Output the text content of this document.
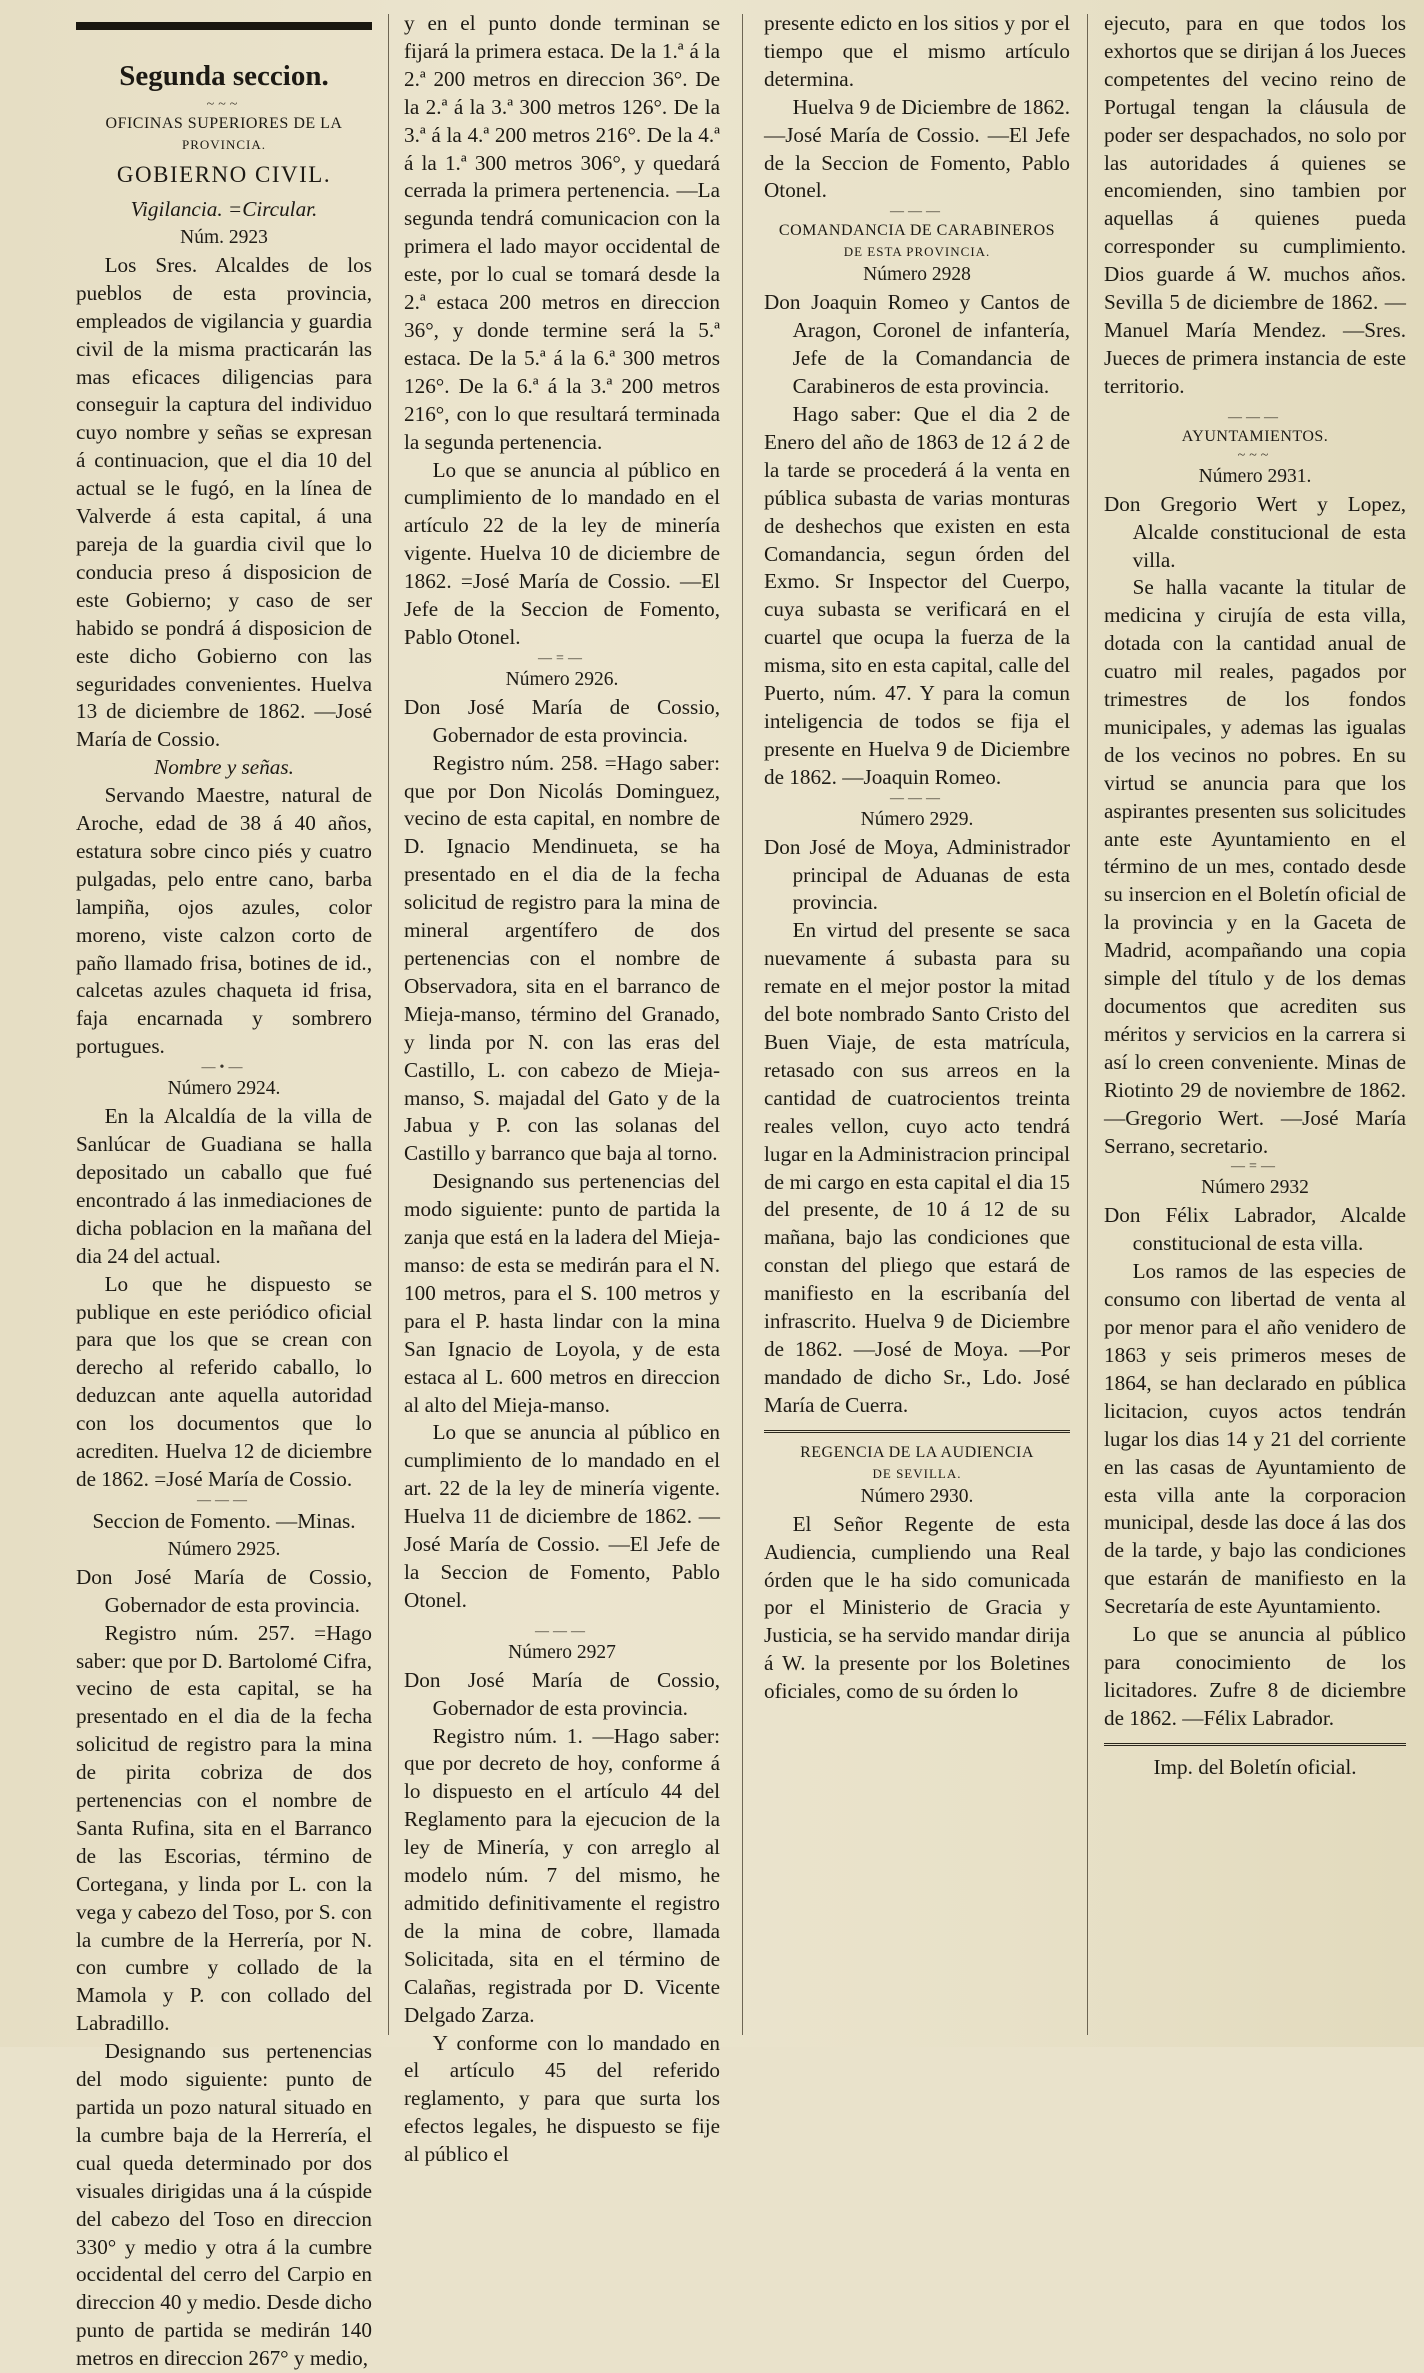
Segunda seccion.

~~~

OFICINAS SUPERIORES DE LA

PROVINCIA.

GOBIERNO CIVIL.

Vigilancia. =Circular.

Núm. 2923

Los Sres. Alcaldes de los pueblos de esta provincia, empleados de vigilancia y guardia civil de la misma practicarán las mas eficaces diligencias para conseguir la captura del individuo cuyo nombre y señas se expresan á continuacion, que el dia 10 del actual se le fugó, en la línea de Valverde á esta capital, á una pareja de la guardia civil que lo conducia preso á disposicion de este Gobierno; y caso de ser habido se pondrá á disposicion de este dicho Gobierno con las seguridades convenientes. Huelva 13 de diciembre de 1862. —José María de Cossio.

Nombre y señas.

Servando Maestre, natural de Aroche, edad de 38 á 40 años, estatura sobre cinco piés y cuatro pulgadas, pelo entre cano, barba lampiña, ojos azules, color moreno, viste calzon corto de paño llamado frisa, botines de id., calcetas azules chaqueta id frisa, faja encarnada y sombrero portugues.

—•—

Número 2924.

En la Alcaldía de la villa de Sanlúcar de Guadiana se halla depositado un caballo que fué encontrado á las inmediaciones de dicha poblacion en la mañana del dia 24 del actual.

Lo que he dispuesto se publique en este periódico oficial para que los que se crean con derecho al referido caballo, lo deduzcan ante aquella autoridad con los documentos que lo acrediten. Huelva 12 de diciembre de 1862. =José María de Cossio.

———

Seccion de Fomento. —Minas.

Número 2925.

Don José María de Cossio, Gobernador de esta provincia.

Registro núm. 257. =Hago saber: que por D. Bartolomé Cifra, vecino de esta capital, se ha presentado en el dia de la fecha solicitud de registro para la mina de pirita cobriza de dos pertenencias con el nombre de Santa Rufina, sita en el Barranco de las Escorias, término de Cortegana, y linda por L. con la vega y cabezo del Toso, por S. con la cumbre de la Herrería, por N. con cumbre y collado de la Mamola y P. con collado del Labradillo.

Designando sus pertenencias del modo siguiente: punto de partida un pozo natural situado en la cumbre baja de la Herrería, el cual queda determinado por dos visuales dirigidas una á la cúspide del cabezo del Toso en direccion 330° y medio y otra á la cumbre occidental del cerro del Carpio en direccion 40 y medio. Desde dicho punto de partida se medirán 140 metros en direccion 267° y medio,

y en el punto donde terminan se fijará la primera estaca. De la 1.ª á la 2.ª 200 metros en direccion 36°. De la 2.ª á la 3.ª 300 metros 126°. De la 3.ª á la 4.ª 200 metros 216°. De la 4.ª á la 1.ª 300 metros 306°, y quedará cerrada la primera pertenencia. —La segunda tendrá comunicacion con la primera el lado mayor occidental de este, por lo cual se tomará desde la 2.ª estaca 200 metros en direccion 36°, y donde termine será la 5.ª estaca. De la 5.ª á la 6.ª 300 metros 126°. De la 6.ª á la 3.ª 200 metros 216°, con lo que resultará terminada la segunda pertenencia.

Lo que se anuncia al público en cumplimiento de lo mandado en el artículo 22 de la ley de minería vigente. Huelva 10 de diciembre de 1862. =José María de Cossio. —El Jefe de la Seccion de Fomento, Pablo Otonel.

—=—

Número 2926.

Don José María de Cossio, Gobernador de esta provincia.

Registro núm. 258. =Hago saber: que por Don Nicolás Dominguez, vecino de esta capital, en nombre de D. Ignacio Mendinueta, se ha presentado en el dia de la fecha solicitud de registro para la mina de mineral argentífero de dos pertenencias con el nombre de Observadora, sita en el barranco de Mieja-manso, término del Granado, y linda por N. con las eras del Castillo, L. con cabezo de Mieja-manso, S. majadal del Gato y de la Jabua y P. con las solanas del Castillo y barranco que baja al torno.

Designando sus pertenencias del modo siguiente: punto de partida la zanja que está en la ladera del Mieja-manso: de esta se medirán para el N. 100 metros, para el S. 100 metros y para el P. hasta lindar con la mina San Ignacio de Loyola, y de esta estaca al L. 600 metros en direccion al alto del Mieja-manso.

Lo que se anuncia al público en cumplimiento de lo mandado en el art. 22 de la ley de minería vigente. Huelva 11 de diciembre de 1862. —José María de Cossio. —El Jefe de la Seccion de Fomento, Pablo Otonel.

———

Número 2927

Don José María de Cossio, Gobernador de esta provincia.

Registro núm. 1. —Hago saber: que por decreto de hoy, conforme á lo dispuesto en el artículo 44 del Reglamento para la ejecucion de la ley de Minería, y con arreglo al modelo núm. 7 del mismo, he admitido definitivamente el registro de la mina de cobre, llamada Solicitada, sita en el término de Calañas, registrada por D. Vicente Delgado Zarza.

Y conforme con lo mandado en el artículo 45 del referido reglamento, y para que surta los efectos legales, he dispuesto se fije al público el

presente edicto en los sitios y por el tiempo que el mismo artículo determina.

Huelva 9 de Diciembre de 1862. —José María de Cossio. —El Jefe de la Seccion de Fomento, Pablo Otonel.

———

COMANDANCIA DE CARABINEROS

DE ESTA PROVINCIA.

Número 2928

Don Joaquin Romeo y Cantos de Aragon, Coronel de infantería, Jefe de la Comandancia de Carabineros de esta provincia.

Hago saber: Que el dia 2 de Enero del año de 1863 de 12 á 2 de la tarde se procederá á la venta en pública subasta de varias monturas de deshechos que existen en esta Comandancia, segun órden del Exmo. Sr Inspector del Cuerpo, cuya subasta se verificará en el cuartel que ocupa la fuerza de la misma, sito en esta capital, calle del Puerto, núm. 47. Y para la comun inteligencia de todos se fija el presente en Huelva 9 de Diciembre de 1862. —Joaquin Romeo.

———

Número 2929.

Don José de Moya, Administrador principal de Aduanas de esta provincia.

En virtud del presente se saca nuevamente á subasta para su remate en el mejor postor la mitad del bote nombrado Santo Cristo del Buen Viaje, de esta matrícula, retasado con sus arreos en la cantidad de cuatrocientos treinta reales vellon, cuyo acto tendrá lugar en la Administracion principal de mi cargo en esta capital el dia 15 del presente, de 10 á 12 de su mañana, bajo las condiciones que constan del pliego que estará de manifiesto en la escribanía del infrascrito. Huelva 9 de Diciembre de 1862. —José de Moya. —Por mandado de dicho Sr., Ldo. José María de Cuerra.

REGENCIA DE LA AUDIENCIA

DE SEVILLA.

Número 2930.

El Señor Regente de esta Audiencia, cumpliendo una Real órden que le ha sido comunicada por el Ministerio de Gracia y Justicia, se ha servido mandar dirija á W. la presente por los Boletines oficiales, como de su órden lo

ejecuto, para en que todos los exhortos que se dirijan á los Jueces competentes del vecino reino de Portugal tengan la cláusula de poder ser despachados, no solo por las autoridades á quienes se encomienden, sino tambien por aquellas á quienes pueda corresponder su cumplimiento. Dios guarde á W. muchos años. Sevilla 5 de diciembre de 1862. —Manuel María Mendez. —Sres. Jueces de primera instancia de este territorio.

———

AYUNTAMIENTOS.

~~~

Número 2931.

Don Gregorio Wert y Lopez, Alcalde constitucional de esta villa.

Se halla vacante la titular de medicina y cirujía de esta villa, dotada con la cantidad anual de cuatro mil reales, pagados por trimestres de los fondos municipales, y ademas las igualas de los vecinos no pobres. En su virtud se anuncia para que los aspirantes presenten sus solicitudes ante este Ayuntamiento en el término de un mes, contado desde su insercion en el Boletín oficial de la provincia y en la Gaceta de Madrid, acompañando una copia simple del título y de los demas documentos que acrediten sus méritos y servicios en la carrera si así lo creen conveniente. Minas de Riotinto 29 de noviembre de 1862. —Gregorio Wert. —José María Serrano, secretario.

—=—

Número 2932

Don Félix Labrador, Alcalde constitucional de esta villa.

Los ramos de las especies de consumo con libertad de venta al por menor para el año venidero de 1863 y seis primeros meses de 1864, se han declarado en pública licitacion, cuyos actos tendrán lugar los dias 14 y 21 del corriente en las casas de Ayuntamiento de esta villa ante la corporacion municipal, desde las doce á las dos de la tarde, y bajo las condiciones que estarán de manifiesto en la Secretaría de este Ayuntamiento.

Lo que se anuncia al público para conocimiento de los licitadores. Zufre 8 de diciembre de 1862. —Félix Labrador.

Imp. del Boletín oficial.
